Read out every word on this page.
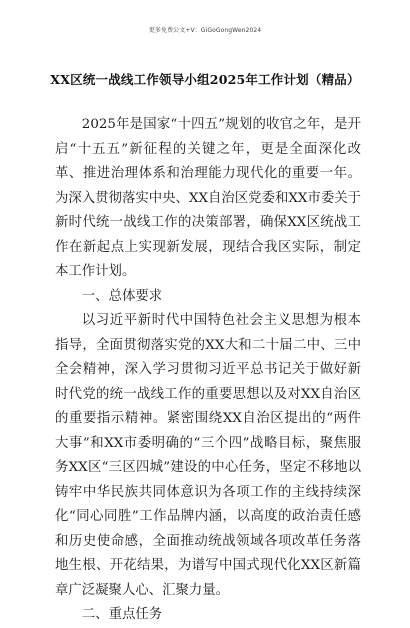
更多免费公文+V：GiGoGongWen2024
XX区统一战线工作领导小组2025年工作计划（精品）

2025年是国家“十四五”规划的收官之年，是开启“十五五”新征程的关键之年，更是全面深化改革、推进治理体系和治理能力现代化的重要一年。为深入贯彻落实中央、XX自治区党委和XX市委关于新时代统一战线工作的决策部署，确保XX区统战工作在新起点上实现新发展，现结合我区实际，制定本工作计划。

一、总体要求

以习近平新时代中国特色社会主义思想为根本指导，全面贯彻落实党的XX大和二十届二中、三中全会精神，深入学习贯彻习近平总书记关于做好新时代党的统一战线工作的重要思想以及对XX自治区的重要指示精神。紧密围绕XX自治区提出的“两件大事”和XX市委明确的“三个四”战略目标，聚焦服务XX区“三区四城”建设的中心任务，坚定不移地以铸牢中华民族共同体意识为各项工作的主线持续深化“同心同胜”工作品牌内涵，以高度的政治责任感和历史使命感，全面推动统战领域各项改革任务落地生根、开花结果，为谱写中国式现代化XX区新篇章广泛凝聚人心、汇聚力量。

二、重点任务
